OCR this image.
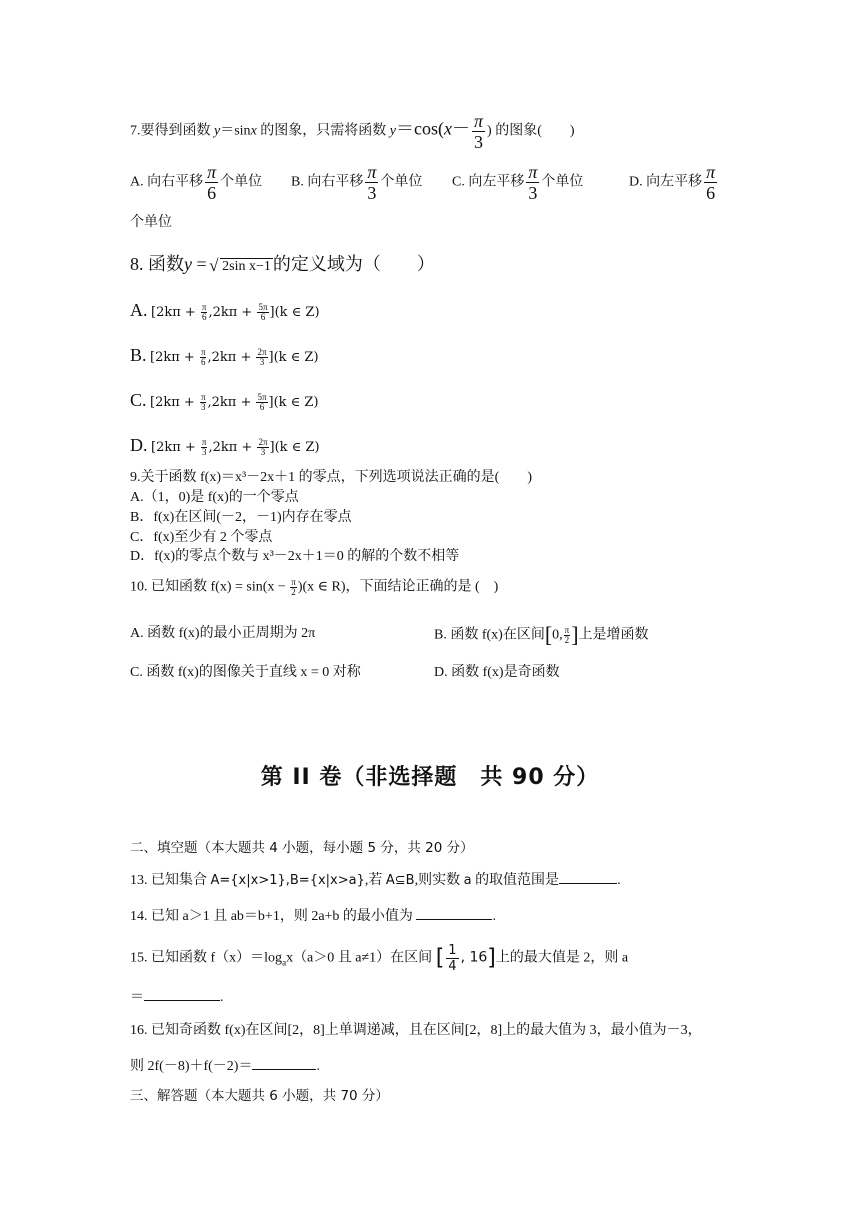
7.要得到函数 y＝sinx 的图象，只需将函数 $y=\cos(x- \frac{\pi}{3}$ ) 的图象(　　)
A. 向右平移 $\frac{\pi}{6}$ 个单位 B. 向右平移 $\frac{\pi}{3}$ 个单位 C. 向左平移 $\frac{\pi}{3}$ 个单位	D. 向左平移 $\frac{\pi}{6}$
个单位
8. 函数y = √ 2sin x−1 的定义域为（　　）
A. $[2k\pi + \frac{\pi}{6} ,2k\pi + \frac{5\pi}{6} ](k$ ∈ Z)
B. $[2k\pi + \frac{\pi}{6} ,2k\pi + \frac{2\pi}{3} ](k$ ∈ Z)
C. $[2k\pi + \frac{\pi}{3} ,2k\pi + \frac{5\pi}{6} ](k$ ∈ Z)
D. $[2k\pi + \frac{\pi}{3} ,2k\pi + \frac{2\pi}{3} ](k$ ∈ Z)
9.关于函数 f(x)＝x³－2x＋1 的零点，下列选项说法正确的是(　　)
A.（1，0)是 f(x)的一个零点
B．f(x)在区间(－2，－1)内存在零点
C．f(x)至少有 2 个零点
D．f(x)的零点个数与 x³－2x＋1＝0 的解的个数不相等
10. 已知函数 $f(x) = \sin(x - \frac{\pi}{2} )(x$ ∈ R)，下面结论正确的是 (　)
A. 函数 f(x)的最小正周期为 2π	B. 函数 f(x)在区间[0, $\frac{\pi}{2}$ ]上是增函数
C. 函数 f(x)的图像关于直线 x = 0 对称	D. 函数 f(x)是奇函数
第 II 卷（非选择题　共 90 分）
二、填空题（本大题共 4 小题，每小题 5 分，共 20 分）
13. 已知集合 A={x|x>1},B={x|x>a},若 A⊆B,则实数 a 的取值范围是	.
14. 已知 a＞1 且 ab＝b+1，则 2a+b 的最小值为	.
15. 已知函数 $f(x)=\log_ax(a>0$ 且 a≠1）在区间 [ $\frac{1}{4}$ , 16]上的最大值是 2，则 a
＝	.
16. 已知奇函数 f(x)在区间[2，8]上单调递减，且在区间[2，8]上的最大值为 3，最小值为－3，
则 2f(－8)＋f(－2)＝	.
三、解答题（本大题共 6 小题，共 70 分）
